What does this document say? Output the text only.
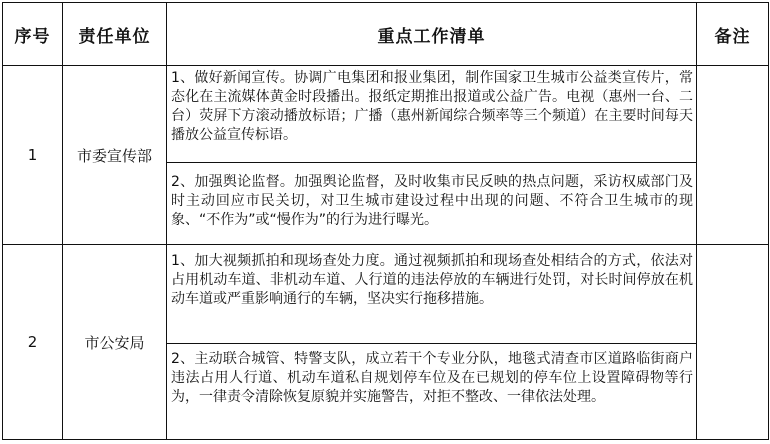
序号	责任单位	重点工作清单	备注
1	市委宣传部	1、做好新闻宣传。协调广电集团和报业集团，制作国家卫生城市公益类宣传片，常态化在主流媒体黄金时段播出。报纸定期推出报道或公益广告。电视（惠州一台、二台）荧屏下方滚动播放标语；广播（惠州新闻综合频率等三个频道）在主要时间每天播放公益宣传标语。	
		2、加强舆论监督。加强舆论监督，及时收集市民反映的热点问题，采访权威部门及时主动回应市民关切，对卫生城市建设过程中出现的问题、不符合卫生城市的现象、“不作为”或“慢作为”的行为进行曝光。	
2	市公安局	1、加大视频抓拍和现场查处力度。通过视频抓拍和现场查处相结合的方式，依法对占用机动车道、非机动车道、人行道的违法停放的车辆进行处罚，对长时间停放在机动车道或严重影响通行的车辆，坚决实行拖移措施。	
		2、主动联合城管、特警支队，成立若干个专业分队，地毯式清查市区道路临街商户违法占用人行道、机动车道私自规划停车位及在已规划的停车位上设置障碍物等行为，一律责令清除恢复原貌并实施警告，对拒不整改、一律依法处理。	
